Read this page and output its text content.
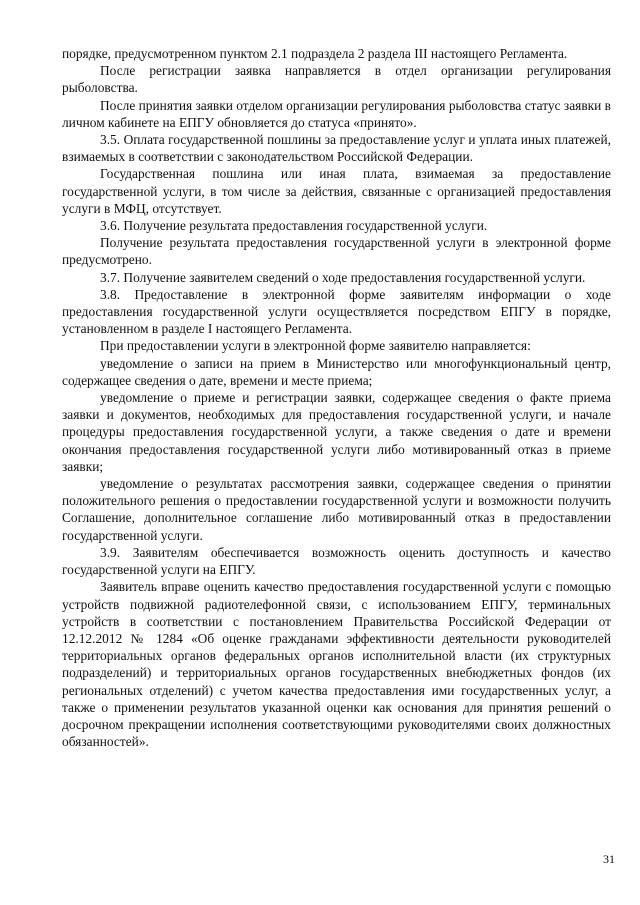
порядке, предусмотренном пунктом 2.1 подраздела 2 раздела III настоящего Регламента.

После регистрации заявка направляется в отдел организации регулирования рыболовства.

После принятия заявки отделом организации регулирования рыболовства статус заявки в личном кабинете на ЕПГУ обновляется до статуса «принято».

3.5. Оплата государственной пошлины за предоставление услуг и уплата иных платежей, взимаемых в соответствии с законодательством Российской Федерации.

Государственная пошлина или иная плата, взимаемая за предоставление государственной услуги, в том числе за действия, связанные с организацией предоставления услуги в МФЦ, отсутствует.

3.6. Получение результата предоставления государственной услуги.

Получение результата предоставления государственной услуги в электронной форме предусмотрено.

3.7. Получение заявителем сведений о ходе предоставления государственной услуги.

3.8. Предоставление в электронной форме заявителям информации о ходе предоставления государственной услуги осуществляется посредством ЕПГУ в порядке, установленном в разделе I настоящего Регламента.

При предоставлении услуги в электронной форме заявителю направляется:

уведомление о записи на прием в Министерство или многофункциональный центр, содержащее сведения о дате, времени и месте приема;

уведомление о приеме и регистрации заявки, содержащее сведения о факте приема заявки и документов, необходимых для предоставления государственной услуги, и начале процедуры предоставления государственной услуги, а также сведения о дате и времени окончания предоставления государственной услуги либо мотивированный отказ в приеме заявки;

уведомление о результатах рассмотрения заявки, содержащее сведения о принятии положительного решения о предоставлении государственной услуги и возможности получить Соглашение, дополнительное соглашение либо мотивированный отказ в предоставлении государственной услуги.

3.9. Заявителям обеспечивается возможность оценить доступность и качество государственной услуги на ЕПГУ.

Заявитель вправе оценить качество предоставления государственной услуги с помощью устройств подвижной радиотелефонной связи, с использованием ЕПГУ, терминальных устройств в соответствии с постановлением Правительства Российской Федерации от 12.12.2012 № 1284 «Об оценке гражданами эффективности деятельности руководителей территориальных органов федеральных органов исполнительной власти (их структурных подразделений) и территориальных органов государственных внебюджетных фондов (их региональных отделений) с учетом качества предоставления ими государственных услуг, а также о применении результатов указанной оценки как основания для принятия решений о досрочном прекращении исполнения соответствующими руководителями своих должностных обязанностей».

31
